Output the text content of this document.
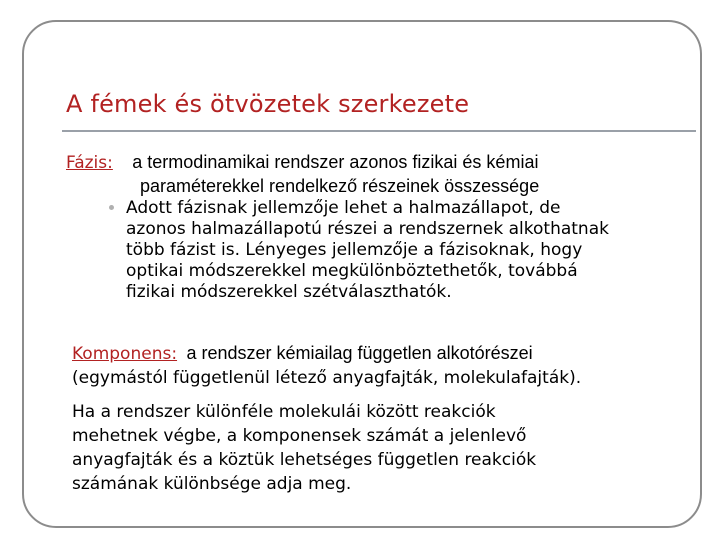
A fémek és ötvözetek szerkezete
Fázis: a termodinamikai rendszer azonos fizikai és kémiai
paraméterekkel rendelkező részeinek összessége
Adott fázisnak jellemzője lehet a halmazállapot, de
azonos halmazállapotú részei a rendszernek alkothatnak
több fázist is. Lényeges jellemzője a fázisoknak, hogy
optikai módszerekkel megkülönböztethetők, továbbá
fizikai módszerekkel szétválaszthatók.
Komponens: a rendszer kémiailag független alkotórészei
(egymástól függetlenül létező anyagfajták, molekulafajták).
Ha a rendszer különféle molekulái között reakciók
mehetnek végbe, a komponensek számát a jelenlevő
anyagfajták és a köztük lehetséges független reakciók
számának különbsége adja meg.
